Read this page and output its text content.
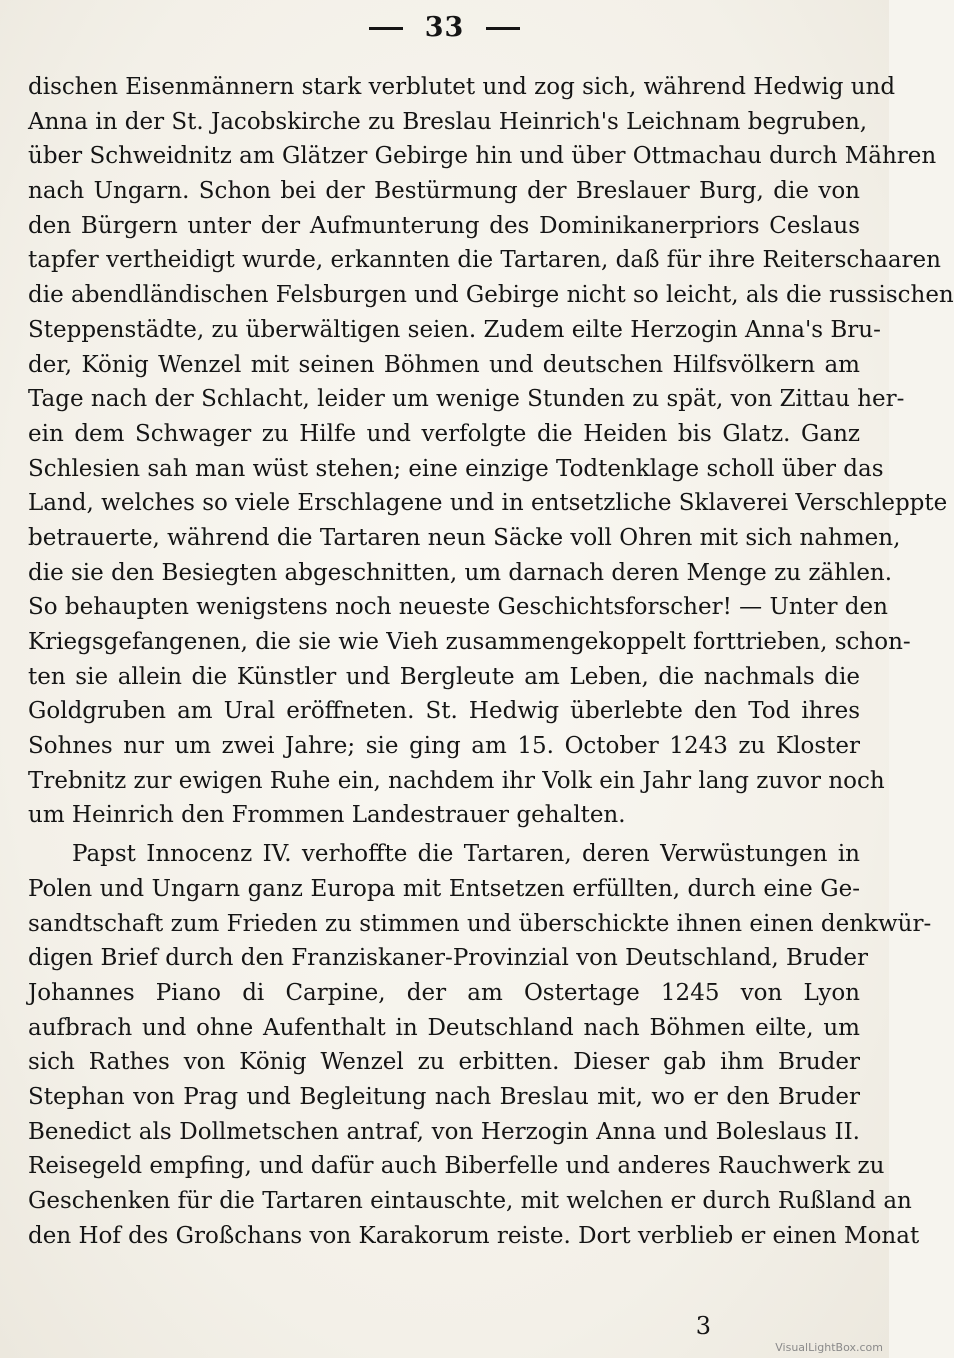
33
dischen Eisenmännern stark verblutet und zog sich, während Hedwig und
Anna in der St. Jacobskirche zu Breslau Heinrich's Leichnam begruben,
über Schweidnitz am Glätzer Gebirge hin und über Ottmachau durch Mähren
nach Ungarn. Schon bei der Bestürmung der Breslauer Burg, die von
den Bürgern unter der Aufmunterung des Dominikanerpriors Ceslaus
tapfer vertheidigt wurde, erkannten die Tartaren, daß für ihre Reiterschaaren
die abendländischen Felsburgen und Gebirge nicht so leicht, als die russischen
Steppenstädte, zu überwältigen seien. Zudem eilte Herzogin Anna's Bru-
der, König Wenzel mit seinen Böhmen und deutschen Hilfsvölkern am
Tage nach der Schlacht, leider um wenige Stunden zu spät, von Zittau her-
ein dem Schwager zu Hilfe und verfolgte die Heiden bis Glatz. Ganz
Schlesien sah man wüst stehen; eine einzige Todtenklage scholl über das
Land, welches so viele Erschlagene und in entsetzliche Sklaverei Verschleppte
betrauerte, während die Tartaren neun Säcke voll Ohren mit sich nahmen,
die sie den Besiegten abgeschnitten, um darnach deren Menge zu zählen.
So behaupten wenigstens noch neueste Geschichtsforscher! — Unter den
Kriegsgefangenen, die sie wie Vieh zusammengekoppelt forttrieben, schon-
ten sie allein die Künstler und Bergleute am Leben, die nachmals die
Goldgruben am Ural eröffneten. St. Hedwig überlebte den Tod ihres
Sohnes nur um zwei Jahre; sie ging am 15. October 1243 zu Kloster
Trebnitz zur ewigen Ruhe ein, nachdem ihr Volk ein Jahr lang zuvor noch
um Heinrich den Frommen Landestrauer gehalten.
Papst Innocenz IV. verhoffte die Tartaren, deren Verwüstungen in
Polen und Ungarn ganz Europa mit Entsetzen erfüllten, durch eine Ge-
sandtschaft zum Frieden zu stimmen und überschickte ihnen einen denkwür-
digen Brief durch den Franziskaner-Provinzial von Deutschland, Bruder
Johannes Piano di Carpine, der am Ostertage 1245 von Lyon
aufbrach und ohne Aufenthalt in Deutschland nach Böhmen eilte, um
sich Rathes von König Wenzel zu erbitten. Dieser gab ihm Bruder
Stephan von Prag und Begleitung nach Breslau mit, wo er den Bruder
Benedict als Dollmetschen antraf, von Herzogin Anna und Boleslaus II.
Reisegeld empfing, und dafür auch Biberfelle und anderes Rauchwerk zu
Geschenken für die Tartaren eintauschte, mit welchen er durch Rußland an
den Hof des Großchans von Karakorum reiste. Dort verblieb er einen Monat
3
VisualLightBox.com
